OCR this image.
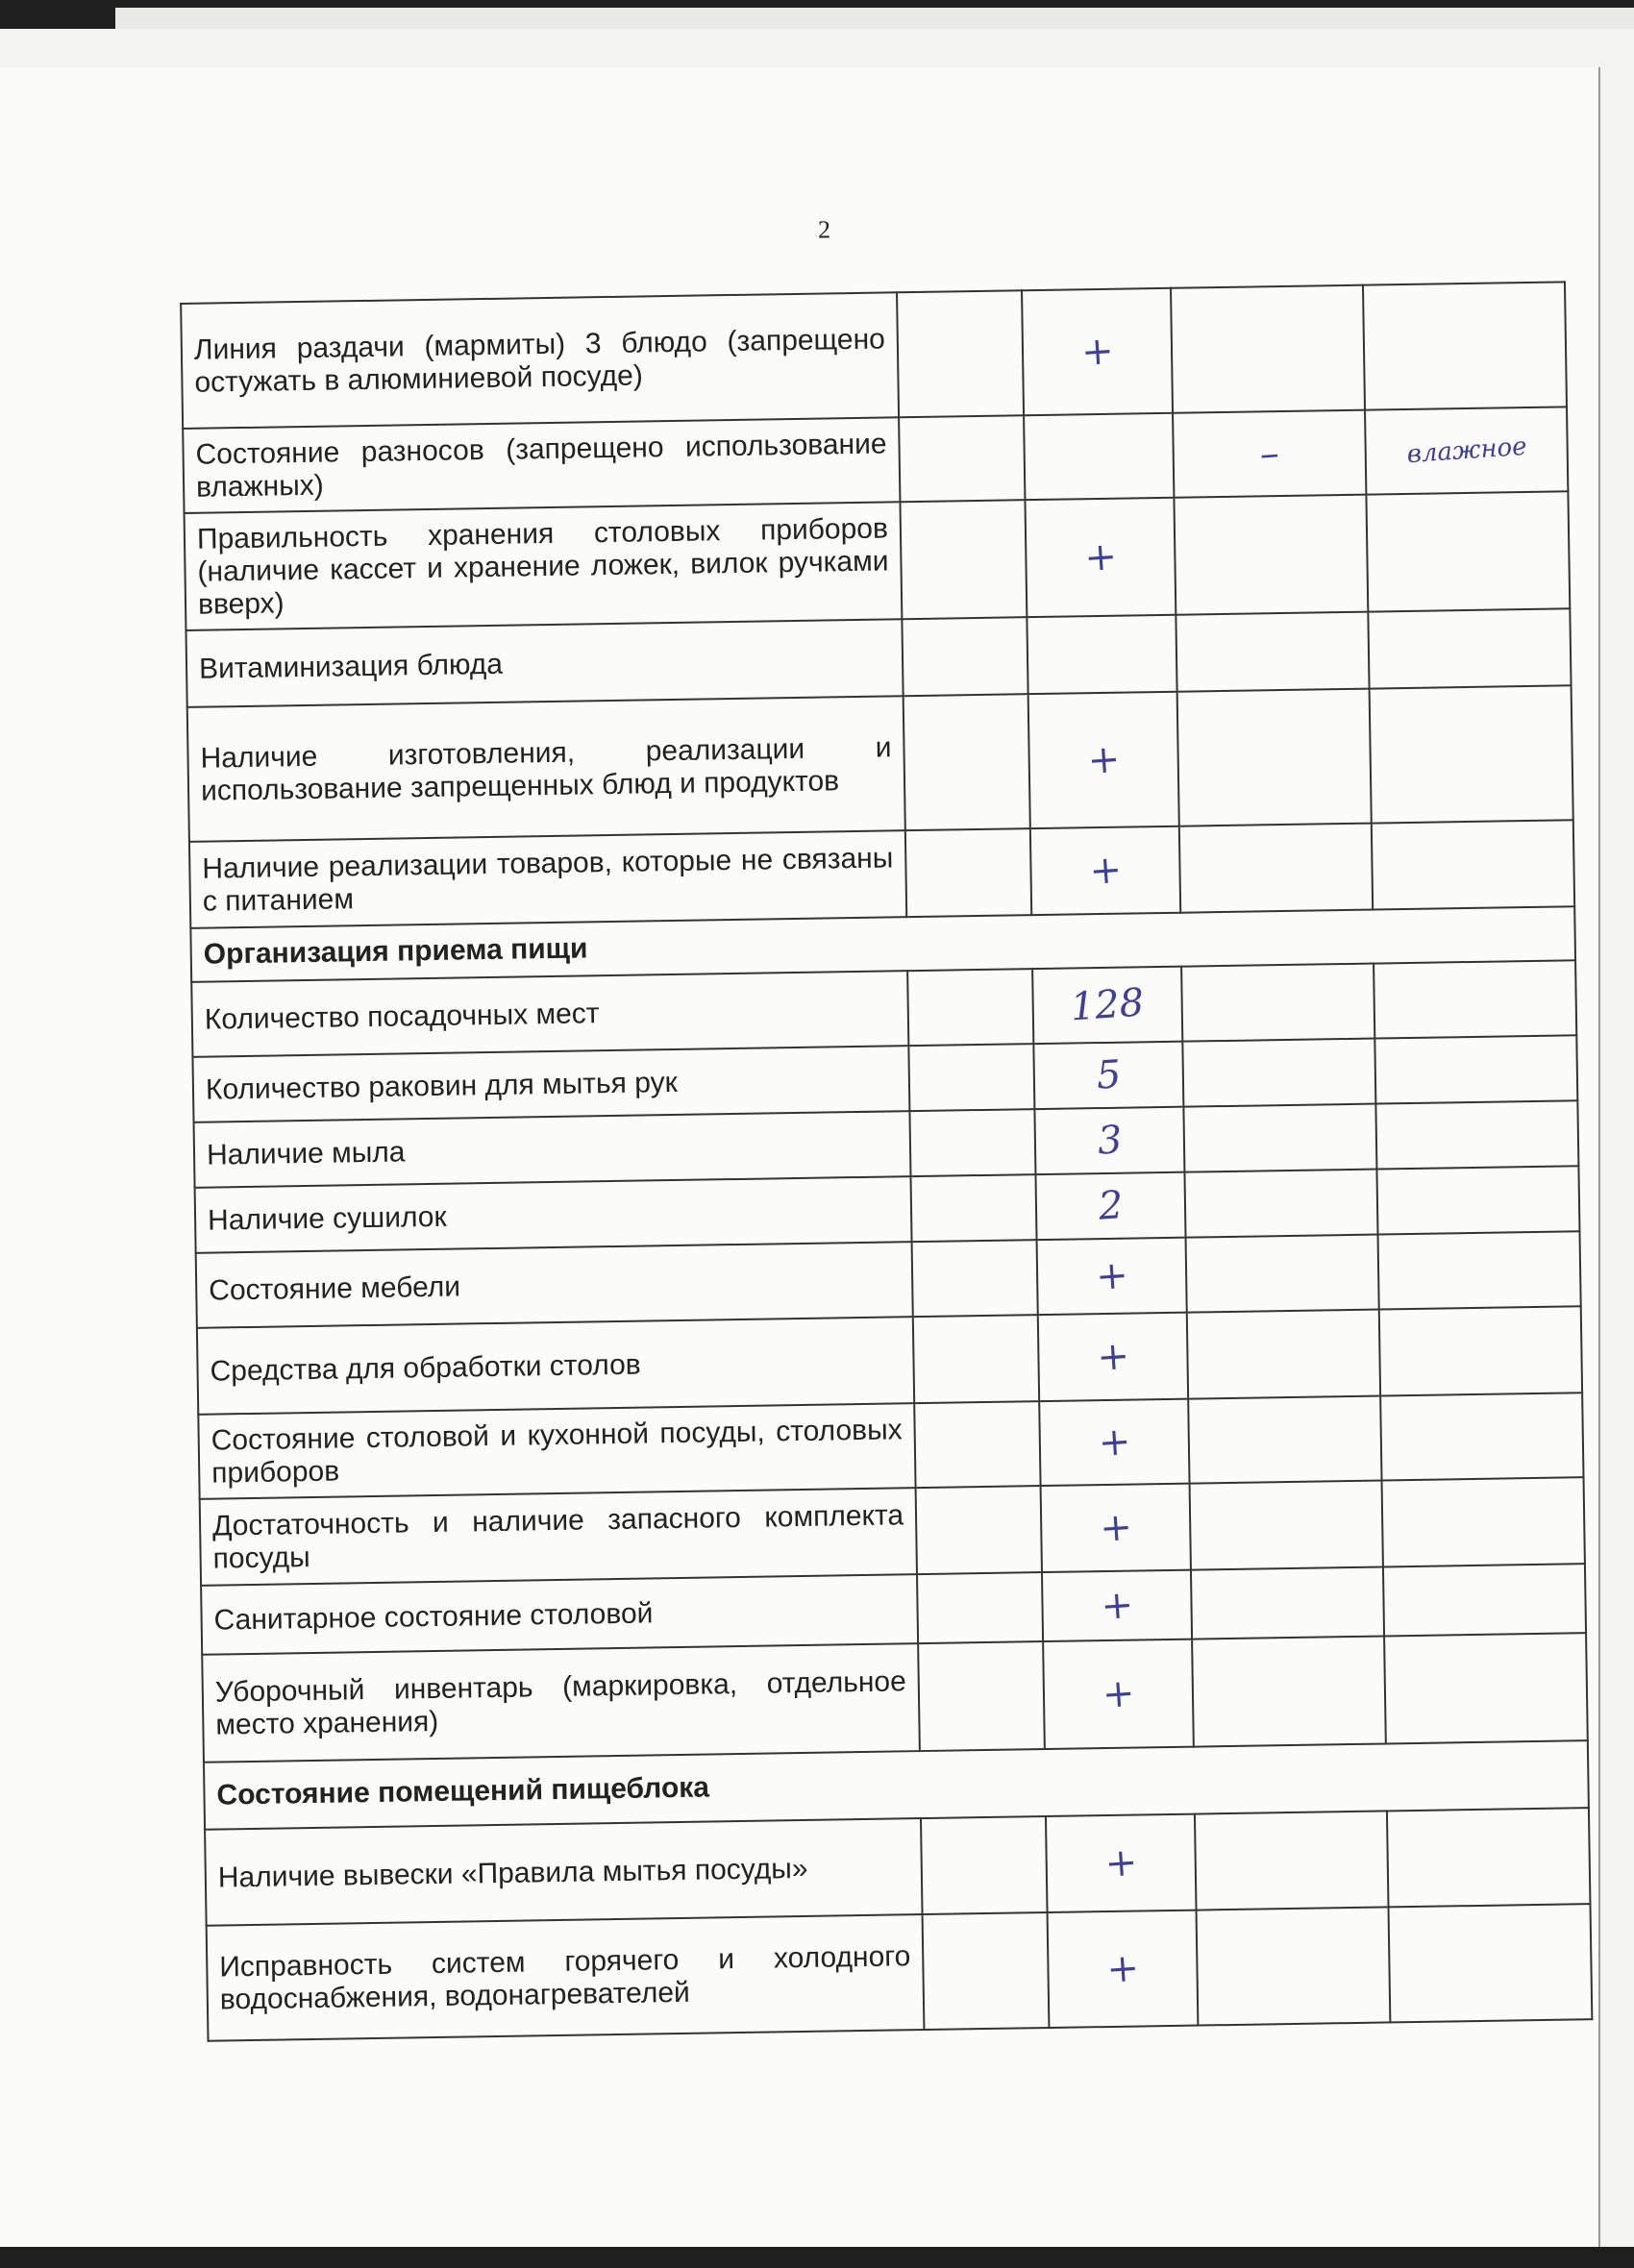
2
Линия раздачи (мармиты) 3 блюдо (запрещено остужать в алюминиевой посуде)		+		
Состояние разносов (запрещено использование влажных)			–	влажное
Правильность хранения столовых приборов (наличие кассет и хранение ложек, вилок ручками вверх)		+		
Витаминизация блюда				
Наличие изготовления, реализации и использование запрещенных блюд и продуктов		+		
Наличие реализации товаров, которые не связаны с питанием		+		
Организация приема пищи				
Количество посадочных мест		128		
Количество раковин для мытья рук		5		
Наличие мыла		3		
Наличие сушилок		2		
Состояние мебели		+		
Средства для обработки столов		+		
Состояние столовой и кухонной посуды, столовых приборов		+		
Достаточность и наличие запасного комплекта посуды		+		
Санитарное состояние столовой		+		
Уборочный инвентарь (маркировка, отдельное место хранения)		+		
Состояние помещений пищеблока				
Наличие вывески «Правила мытья посуды»		+		
Исправность систем горячего и холодного водоснабжения, водонагревателей		+		
